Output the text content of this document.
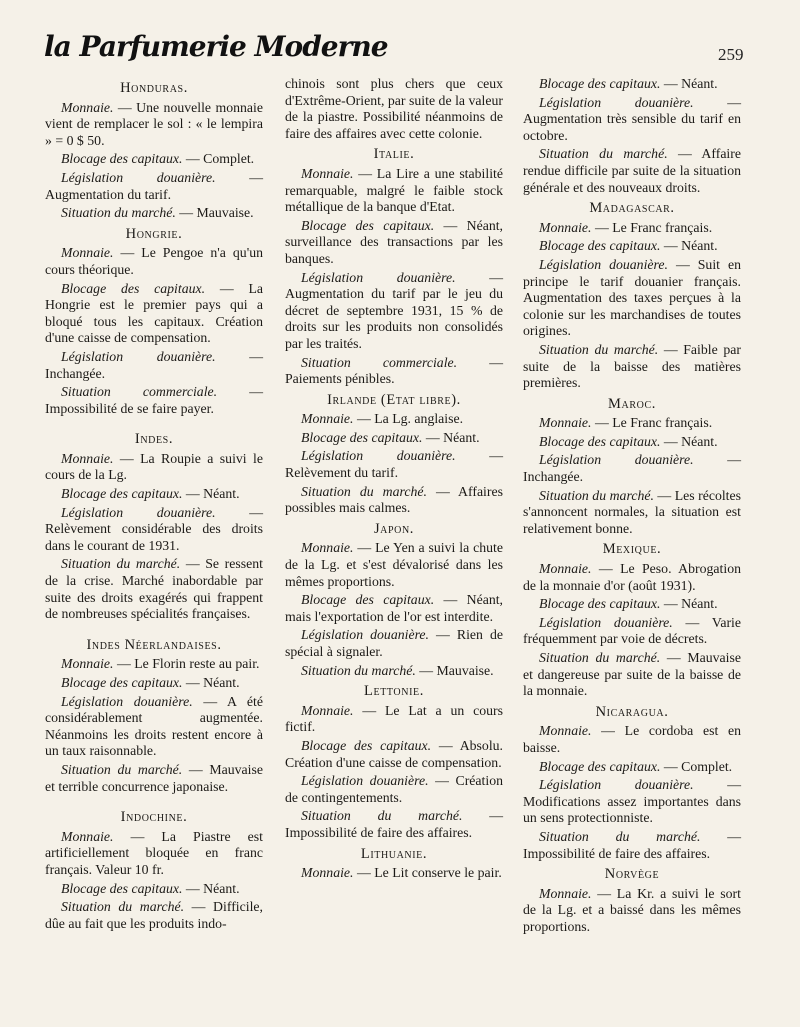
la Parfumerie Moderne	259
Honduras.
Monnaie. — Une nouvelle monnaie vient de remplacer le sol : « le lempira » = 0 $ 50.
Blocage des capitaux. — Complet.
Législation douanière. — Augmentation du tarif.
Situation du marché. — Mauvaise.
Hongrie.
Monnaie. — Le Pengoe n'a qu'un cours théorique.
Blocage des capitaux. — La Hongrie est le premier pays qui a bloqué tous les capitaux. Création d'une caisse de compensation.
Législation douanière. — Inchangée.
Situation commerciale. — Impossibilité de se faire payer.
Indes.
Monnaie. — La Roupie a suivi le cours de la Lg.
Blocage des capitaux. — Néant.
Législation douanière. — Relèvement considérable des droits dans le courant de 1931.
Situation du marché. — Se ressent de la crise. Marché inabordable par suite des droits exagérés qui frappent de nombreuses spécialités françaises.
Indes Néerlandaises.
Monnaie. — Le Florin reste au pair.
Blocage des capitaux. — Néant.
Législation douanière. — A été considérablement augmentée. Néanmoins les droits restent encore à un taux raisonnable.
Situation du marché. — Mauvaise et terrible concurrence japonaise.
Indochine.
Monnaie. — La Piastre est artificiellement bloquée en franc français. Valeur 10 fr.
Blocage des capitaux. — Néant.
Situation du marché. — Difficile, dûe au fait que les produits indo-
chinois sont plus chers que ceux d'Extrême-Orient, par suite de la valeur de la piastre. Possibilité néanmoins de faire des affaires avec cette colonie.
Italie.
Monnaie. — La Lire a une stabilité remarquable, malgré le faible stock métallique de la banque d'Etat.
Blocage des capitaux. — Néant, surveillance des transactions par les banques.
Législation douanière. — Augmentation du tarif par le jeu du décret de septembre 1931, 15 % de droits sur les produits non consolidés par les traités.
Situation commerciale. — Paiements pénibles.
Irlande (Etat libre).
Monnaie. — La Lg. anglaise.
Blocage des capitaux. — Néant.
Législation douanière. — Relèvement du tarif.
Situation du marché. — Affaires possibles mais calmes.
Japon.
Monnaie. — Le Yen a suivi la chute de la Lg. et s'est dévalorisé dans les mêmes proportions.
Blocage des capitaux. — Néant, mais l'exportation de l'or est interdite.
Législation douanière. — Rien de spécial à signaler.
Situation du marché. — Mauvaise.
Lettonie.
Monnaie. — Le Lat a un cours fictif.
Blocage des capitaux. — Absolu. Création d'une caisse de compensation.
Législation douanière. — Création de contingentements.
Situation du marché. — Impossibilité de faire des affaires.
Lithuanie.
Monnaie. — Le Lit conserve le pair.
Blocage des capitaux. — Néant.
Législation douanière. — Augmentation très sensible du tarif en octobre.
Situation du marché. — Affaire rendue difficile par suite de la situation générale et des nouveaux droits.
Madagascar.
Monnaie. — Le Franc français.
Blocage des capitaux. — Néant.
Législation douanière. — Suit en principe le tarif douanier français. Augmentation des taxes perçues à la colonie sur les marchandises de toutes origines.
Situation du marché. — Faible par suite de la baisse des matières premières.
Maroc.
Monnaie. — Le Franc français.
Blocage des capitaux. — Néant.
Législation douanière. — Inchangée.
Situation du marché. — Les récoltes s'annoncent normales, la situation est relativement bonne.
Mexique.
Monnaie. — Le Peso. Abrogation de la monnaie d'or (août 1931).
Blocage des capitaux. — Néant.
Législation douanière. — Varie fréquemment par voie de décrets.
Situation du marché. — Mauvaise et dangereuse par suite de la baisse de la monnaie.
Nicaragua.
Monnaie. — Le cordoba est en baisse.
Blocage des capitaux. — Complet.
Législation douanière. — Modifications assez importantes dans un sens protectionniste.
Situation du marché. — Impossibilité de faire des affaires.
Norvège
Monnaie. — La Kr. a suivi le sort de la Lg. et a baissé dans les mêmes proportions.
